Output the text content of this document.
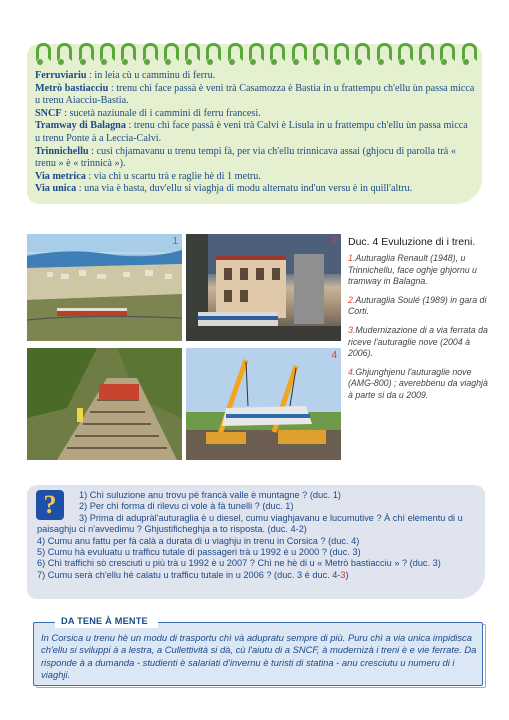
Ferruviariu : in leia cù u camminu di ferru.

Metrò bastiacciu : trenu chì face passà è veni trà Casamozza è Bastia in u frattempu ch'ellu ùn passa micca u trenu Aiacciu-Bastia.

SNCF : sucetà naziunale di i cammini di ferru francesi.

Tramway di Balagna : trenu chì face passà è veni trà Calvi è Lisula in u frattempu ch'ellu ùn passa micca u trenu Ponte à a Leccia-Calvi.

Trinnichellu : cusì chjamavanu u trenu tempi fà, per via ch'ellu trinnicava assai (ghjocu di parolla trà « trenu » è « trinnicà »).

Via metrica : via chì u scartu trà e raglie hè di 1 metru.

Via unica : una via è basta, duv'ellu si viaghja di modu alternatu ind'un versu è in quill'altru.

1	2
4
Duc. 4 Evuluzione di i treni.
1.Auturaglia Renault (1948), u Trinnichellu, face oghje ghjornu u tramway in Balagna.
2.Auturaglia Soulé (1989) in gara di Corti.
3.Mudernizazione di a via ferrata da riceve l'auturaglie nove (2004 à 2006).
4.Ghjunghjenu l'auturaglie nove (AMG-800) ; averebbenu da viaghjà à parte si da u 2009.
?	1) Chì suluzione anu trovu pè francà valle è muntagne ? (duc. 1)
2) Per chì forma di rilevu ci vole à fà tunelli ? (duc. 1)
3) Prima di adupràl'auturaglia è u diesel, cumu viaghjavanu e lucumutive ? À chì elementu di u paisaghju ci n'avvedimu ? Ghjustificheghja a to risposta. (duc. 4-2)
4) Cumu anu fattu per fà calà a durata di u viaghju in trenu in Corsica ? (duc. 4)
5) Cumu hà evuluatu u trafficu tutale di passageri trà u 1992 è u 2000 ? (duc. 3)
6) Chì traffichi sò cresciuti u più trà u 1992 è u 2007 ? Chì ne hè di u « Metrò bastiacciu » ? (duc. 3)
7) Cumu serà ch'ellu hè calatu u trafficu tutale in u 2006 ? (duc. 3 è duc. 4-3)
DA TENE À MENTE
In Corsica u trenu hè un modu di trasportu chì và adupratu sempre di più. Puru chì a via unica impidisca ch'ellu si sviluppi à a lestra, a Cullettività si dà, cù l'aiutu di a SNCF, à mudernizà i treni è e vie ferrate. Da risponde à a dumanda - studienti è salariati d'invernu è turisti di statina - anu cresciutu u numeru di i viaghji.
